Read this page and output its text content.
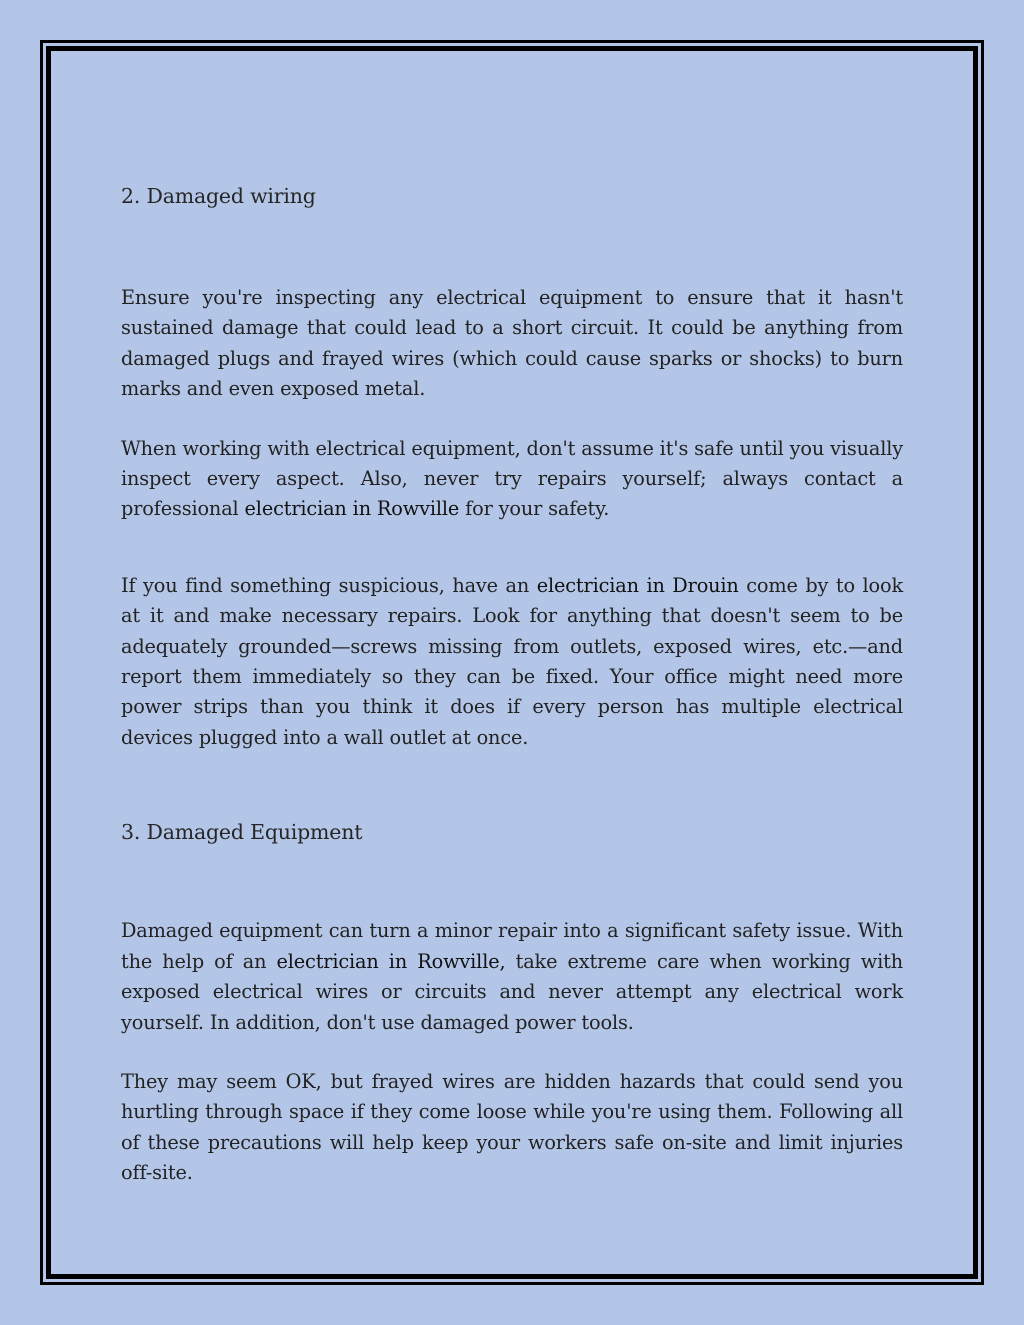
2. Damaged wiring

Ensure you're inspecting any electrical equipment to ensure that it hasn't sustained damage that could lead to a short circuit. It could be anything from damaged plugs and frayed wires (which could cause sparks or shocks) to burn marks and even exposed metal.

When working with electrical equipment, don't assume it's safe until you visually inspect every aspect. Also, never try repairs yourself; always contact a professional electrician in Rowville for your safety.

If you find something suspicious, have an electrician in Drouin come by to look at it and make necessary repairs. Look for anything that doesn't seem to be adequately grounded—screws missing from outlets, exposed wires, etc.—and report them immediately so they can be fixed. Your office might need more power strips than you think it does if every person has multiple electrical devices plugged into a wall outlet at once.

3. Damaged Equipment

Damaged equipment can turn a minor repair into a significant safety issue. With the help of an electrician in Rowville, take extreme care when working with exposed electrical wires or circuits and never attempt any electrical work yourself. In addition, don't use damaged power tools.

They may seem OK, but frayed wires are hidden hazards that could send you hurtling through space if they come loose while you're using them. Following all of these precautions will help keep your workers safe on-site and limit injuries off-site.
